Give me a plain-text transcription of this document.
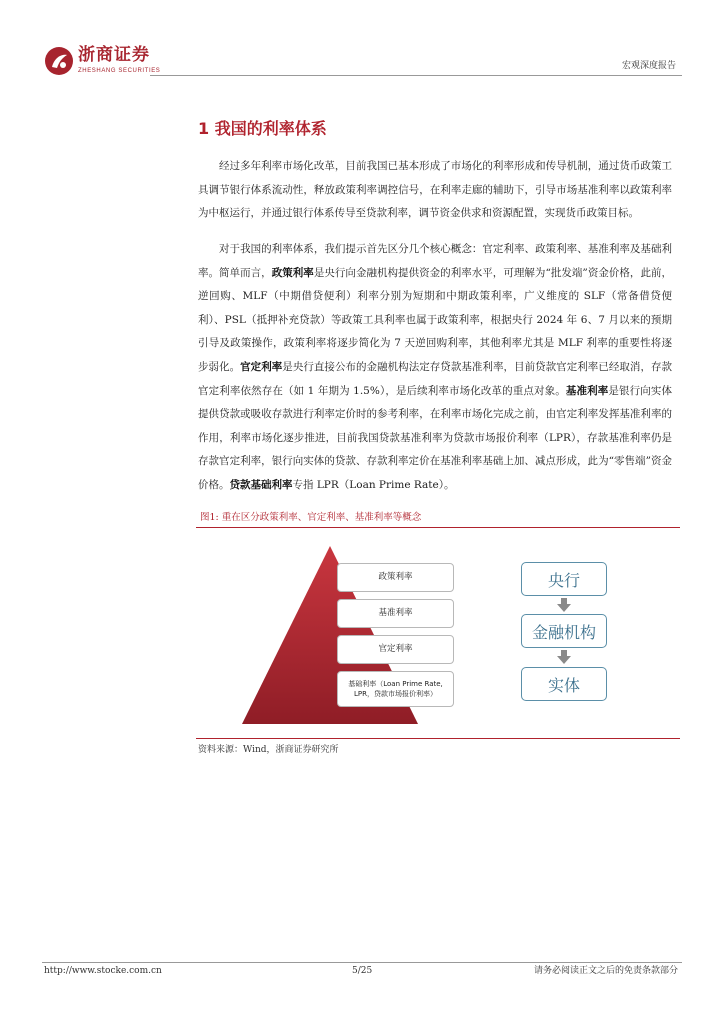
浙商证券
ZHESHANG SECURITIES	宏观深度报告
1 我国的利率体系
经过多年利率市场化改革，目前我国已基本形成了市场化的利率形成和传导机制，通过货币政策工具调节银行体系流动性，释放政策利率调控信号，在利率走廊的辅助下，引导市场基准利率以政策利率为中枢运行，并通过银行体系传导至贷款利率，调节资金供求和资源配置，实现货币政策目标。
对于我国的利率体系，我们提示首先区分几个核心概念：官定利率、政策利率、基准利率及基础利率。简单而言，政策利率是央行向金融机构提供资金的利率水平，可理解为“批发端”资金价格，此前，逆回购、MLF（中期借贷便利）利率分别为短期和中期政策利率，广义维度的 SLF（常备借贷便利）、PSL（抵押补充贷款）等政策工具利率也属于政策利率，根据央行 2024 年 6、7 月以来的预期引导及政策操作，政策利率将逐步简化为 7 天逆回购利率，其他利率尤其是 MLF 利率的重要性将逐步弱化。官定利率是央行直接公布的金融机构法定存贷款基准利率，目前贷款官定利率已经取消，存款官定利率依然存在（如 1 年期为 1.5%），是后续利率市场化改革的重点对象。基准利率是银行向实体提供贷款或吸收存款进行利率定价时的参考利率，在利率市场化完成之前，由官定利率发挥基准利率的作用，利率市场化逐步推进，目前我国贷款基准利率为贷款市场报价利率（LPR），存款基准利率仍是存款官定利率，银行向实体的贷款、存款利率定价在基准利率基础上加、减点形成，此为“零售端”资金价格。贷款基础利率专指 LPR（Loan Prime Rate）。
图1: 重在区分政策利率、官定利率、基准利率等概念
政策利率
基准利率
官定利率
基础利率（Loan Prime Rate,
LPR，贷款市场报价利率）
央行
金融机构
实体
资料来源：Wind，浙商证券研究所
http://www.stocke.com.cn	5/25	请务必阅读正文之后的免责条款部分
